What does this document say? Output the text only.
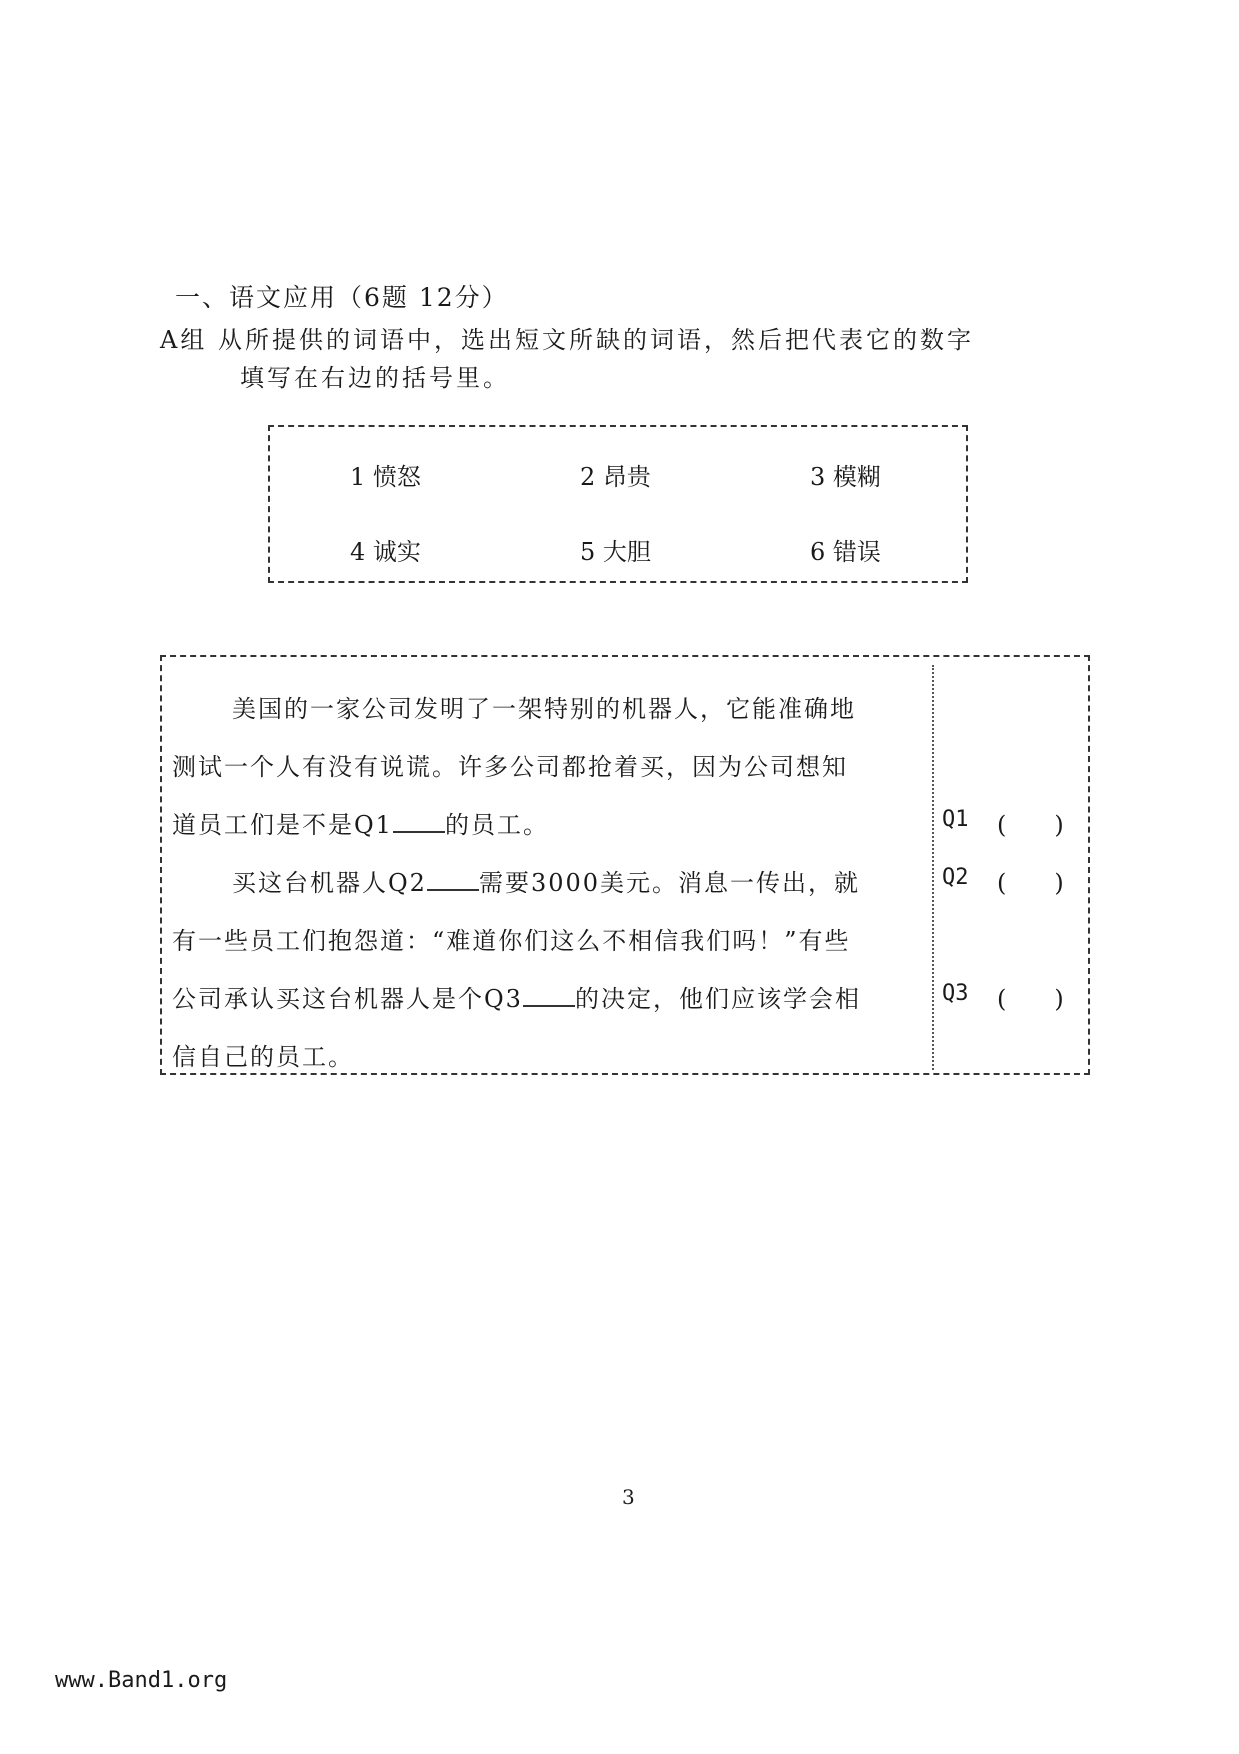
一、语文应用（6题 12分）
A组 从所提供的词语中，选出短文所缺的词语，然后把代表它的数字
填写在右边的括号里。
1 愤怒	2 昂贵	3 模糊
4 诚实	5 大胆	6 错误
美国的一家公司发明了一架特别的机器人，它能准确地
测试一个人有没有说谎。许多公司都抢着买，因为公司想知
道员工们是不是Q1 的员工。
买这台机器人Q2 需要3000美元。消息一传出，就
有一些员工们抱怨道：“难道你们这么不相信我们吗！”有些
公司承认买这台机器人是个Q3 的决定，他们应该学会相
信自己的员工。
Q1 (　　)
Q2 (　　)
Q3 (　　)
3
www.Band1.org
